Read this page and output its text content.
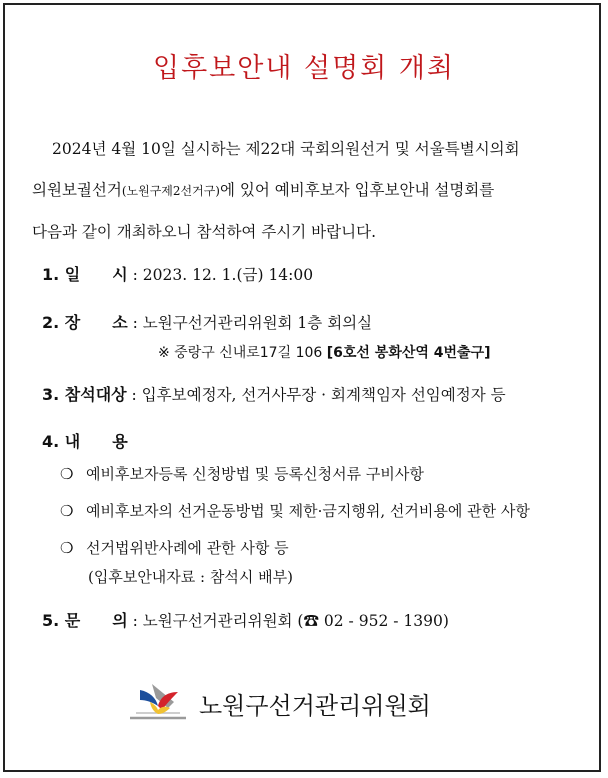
입후보안내 설명회 개최
2024년 4월 10일 실시하는 제22대 국회의원선거 및 서울특별시의회
의원보궐선거(노원구제2선거구)에 있어 예비후보자 입후보안내 설명회를
다음과 같이 개최하오니 참석하여 주시기 바랍니다.
1. 일　　시 : 2023. 12. 1.(금) 14:00
2. 장　　소 : 노원구선거관리위원회 1층 회의실
※ 중랑구 신내로17길 106 [6호선 봉화산역 4번출구]
3. 참석대상 : 입후보예정자, 선거사무장 · 회계책임자 선임예정자 등
4. 내　　용
❍ 예비후보자등록 신청방법 및 등록신청서류 구비사항
❍ 예비후보자의 선거운동방법 및 제한·금지행위, 선거비용에 관한 사항
❍ 선거법위반사례에 관한 사항 등
(입후보안내자료 : 참석시 배부)
5. 문　　의 : 노원구선거관리위원회 (☎ 02 - 952 - 1390)
노원구선거관리위원회
